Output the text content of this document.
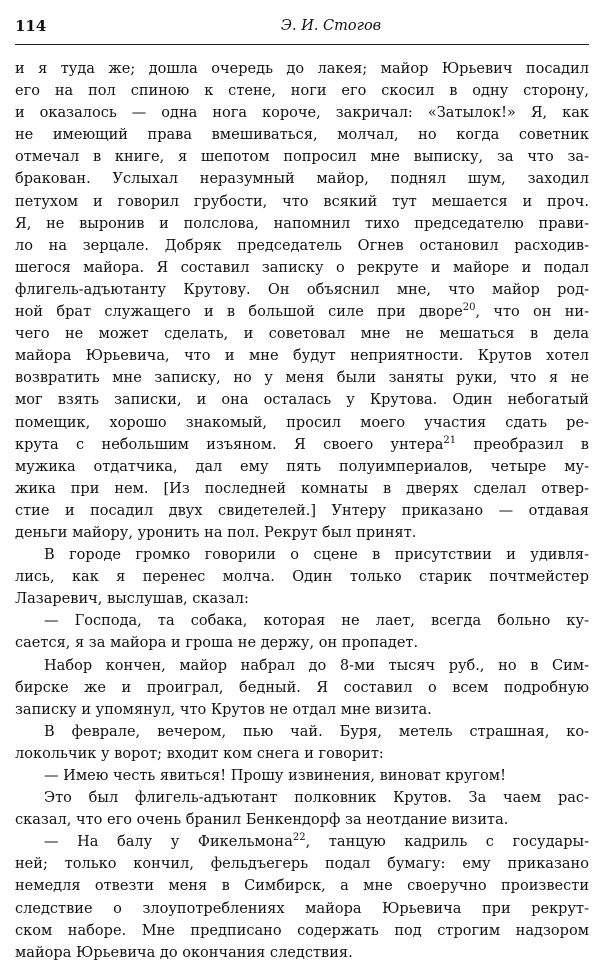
114	Э. И. Стогов
и я туда же; дошла очередь до лакея; майор Юрьевич посадил
его на пол спиною к стене, ноги его скосил в одну сторону,
и оказалось — одна нога короче, закричал: «Затылок!» Я, как
не имеющий права вмешиваться, молчал, но когда советник
отмечал в книге, я шепотом попросил мне выписку, за что за-
бракован. Услыхал неразумный майор, поднял шум, заходил
петухом и говорил грубости, что всякий тут мешается и проч.
Я, не выронив и полслова, напомнил тихо председателю прави-
ло на зерцале. Добряк председатель Огнев остановил расходив-
шегося майора. Я составил записку о рекруте и майоре и подал
флигель-адъютанту Крутову. Он объяснил мне, что майор род-
ной брат служащего и в большой силе при дворе$^{20}$, что он ни-
чего не может сделать, и советовал мне не мешаться в дела
майора Юрьевича, что и мне будут неприятности. Крутов хотел
возвратить мне записку, но у меня были заняты руки, что я не
мог взять записки, и она осталась у Крутова. Один небогатый
помещик, хорошо знакомый, просил моего участия сдать ре-
крута с небольшим изъяном. Я своего унтера$^{21}$ преобразил в
мужика отдатчика, дал ему пять полуимпериалов, четыре му-
жика при нем. [Из последней комнаты в дверях сделал отвер-
стие и посадил двух свидетелей.] Унтеру приказано — отдавая
деньги майору, уронить на пол. Рекрут был принят.
В городе громко говорили о сцене в присутствии и удивля-
лись, как я перенес молча. Один только старик почтмейстер
Лазаревич, выслушав, сказал:
— Господа, та собака, которая не лает, всегда больно ку-
сается, я за майора и гроша не держу, он пропадет.
Набор кончен, майор набрал до 8-ми тысяч руб., но в Сим-
бирске же и проиграл, бедный. Я составил о всем подробную
записку и упомянул, что Крутов не отдал мне визита.
В феврале, вечером, пью чай. Буря, метель страшная, ко-
локольчик у ворот; входит ком снега и говорит:
— Имею честь явиться! Прошу извинения, виноват кругом!
Это был флигель-адъютант полковник Крутов. За чаем рас-
сказал, что его очень бранил Бенкендорф за неотдание визита.
— На балу у Фикельмона$^{22}$, танцую кадриль с государы-
ней; только кончил, фельдъегерь подал бумагу: ему приказано
немедля отвезти меня в Симбирск, а мне своеручно произвести
следствие о злоупотреблениях майора Юрьевича при рекрут-
ском наборе. Мне предписано содержать под строгим надзором
майора Юрьевича до окончания следствия.
